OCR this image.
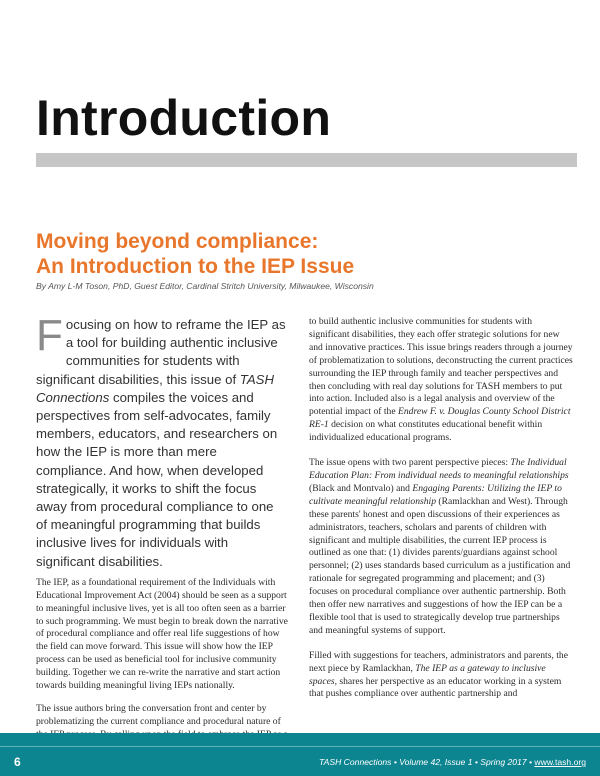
Introduction
Moving beyond compliance:
An Introduction to the IEP Issue
By Amy L-M Toson, PhD, Guest Editor, Cardinal Stritch University, Milwaukee, Wisconsin

Focusing on how to reframe the IEP as a tool for building authentic inclusive communities for students with significant disabilities, this issue of TASH Connections compiles the voices and perspectives from self-advocates, family members, educators, and researchers on how the IEP is more than mere compliance. And how, when developed strategically, it works to shift the focus away from procedural compliance to one of meaningful programming that builds inclusive lives for individuals with significant disabilities.

The IEP, as a foundational requirement of the Individuals with Educational Improvement Act (2004) should be seen as a support to meaningful inclusive lives, yet is all too often seen as a barrier to such programming. We must begin to break down the narrative of procedural compliance and offer real life suggestions of how the field can move forward. This issue will show how the IEP process can be used as beneficial tool for inclusive community building. Together we can re-write the narrative and start action towards building meaningful living IEPs nationally.

The issue authors bring the conversation front and center by problematizing the current compliance and procedural nature of

to build authentic inclusive communities for students with significant disabilities, they each offer strategic solutions for new and innovative practices. This issue brings readers through a journey of problematization to solutions, deconstructing the current practices surrounding the IEP through family and teacher perspectives and then concluding with real day solutions for TASH members to put into action. Included also is a legal analysis and overview of the potential impact of the Endrew F. v. Douglas County School District RE-1 decision on what constitutes educational benefit within individualized educational programs.

The issue opens with two parent perspective pieces: The Individual Education Plan: From individual needs to meaningful relationships (Black and Montvalo) and Engaging Parents: Utilizing the IEP to cultivate meaningful relationship (Ramlackhan and West). Through these parents' honest and open discussions of their experiences as administrators, teachers, scholars and parents of children with significant and multiple disabilities, the current IEP process is outlined as one that: (1) divides parents/guardians against school personnel; (2) uses standards based curriculum as a justification and rationale for segregated programming and placement; and (3) focuses on procedural compliance over authentic partnership. Both then offer new narratives and suggestions of how the IEP can be a flexible tool that is used to strategically develop true partnerships and meaningful systems of support.

Filled with suggestions for teachers, administrators and parents, the next piece by Ramlackhan, The IEP as a gateway to inclusive spaces, shares her perspective as an educator working in a system that pushes compliance over authentic partnership and

6	TASH Connections • Volume 42, Issue 1 • Spring 2017 • www.tash.org
